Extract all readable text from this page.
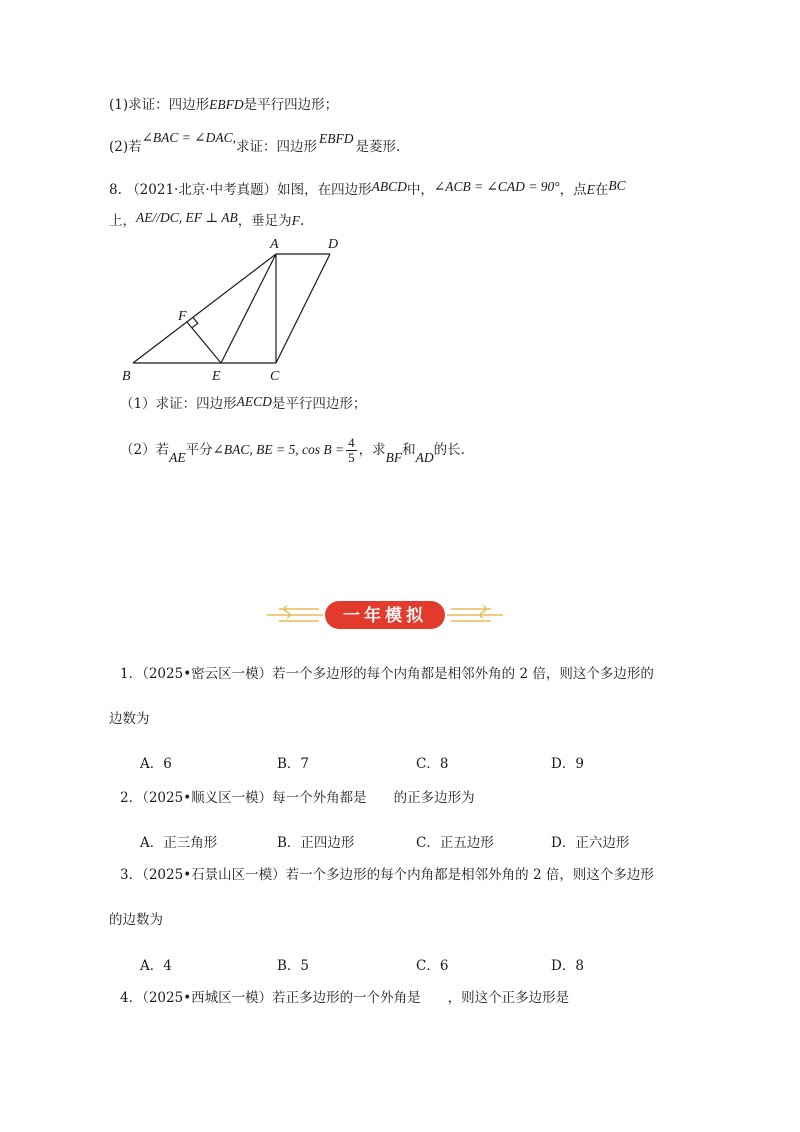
(1)求证：四边形EBFD是平行四边形；
(2)若∠BAC = ∠DAC,求证：四边形EBFD是菱形.
8. （2021·北京·中考真题）如图，在四边形ABCD中，∠ACB = ∠CAD = 90°，点E在BC
上，AE//DC, EF ⊥ AB，垂足为F.
A	D
F
B	E	C
（1）求证：四边形AECD是平行四边形；
（2）若AE平分∠BAC, BE = 5, $\cos B = \frac{4}{5}$ ，求BF和AD的长.
一年模拟
1．（2025•密云区一模）若一个多边形的每个内角都是相邻外角的 2 倍，则这个多边形的
边数为
A．6	B．7	C．8	D．9
2．（2025•顺义区一模）每一个外角都是　　的正多边形为
A．正三角形	B．正四边形	C．正五边形	D．正六边形
3．（2025•石景山区一模）若一个多边形的每个内角都是相邻外角的 2 倍，则这个多边形
的边数为
A．4	B．5	C．6	D．8
4．（2025•西城区一模）若正多边形的一个外角是　　，则这个正多边形是
